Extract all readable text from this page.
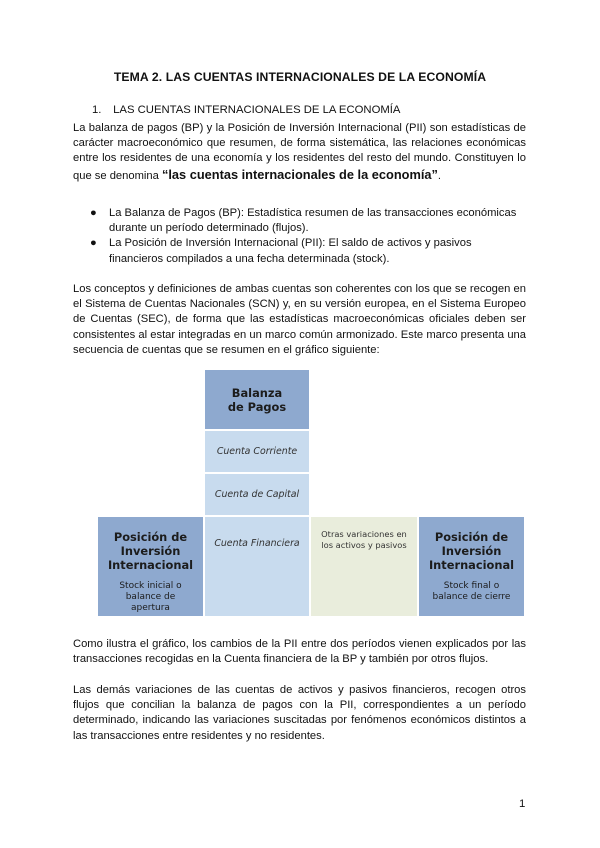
TEMA 2. LAS CUENTAS INTERNACIONALES DE LA ECONOMÍA
1. LAS CUENTAS INTERNACIONALES DE LA ECONOMÍA

La balanza de pagos (BP) y la Posición de Inversión Internacional (PII) son estadísticas de carácter macroeconómico que resumen, de forma sistemática, las relaciones económicas entre los residentes de una economía y los residentes del resto del mundo. Constituyen lo que se denomina “las cuentas internacionales de la economía”.

● La Balanza de Pagos (BP): Estadística resumen de las transacciones económicas durante un período determinado (flujos).
● La Posición de Inversión Internacional (PII): El saldo de activos y pasivos financieros compilados a una fecha determinada (stock).

Los conceptos y definiciones de ambas cuentas son coherentes con los que se recogen en el Sistema de Cuentas Nacionales (SCN) y, en su versión europea, en el Sistema Europeo de Cuentas (SEC), de forma que las estadísticas macroeconómicas oficiales deben ser consistentes al estar integradas en un marco común armonizado. Este marco presenta una secuencia de cuentas que se resumen en el gráfico siguiente:

Balanza de Pagos
Cuenta Corriente
Cuenta de Capital
Cuenta Financiera
Posición de Inversión Internacional
Stock inicial o balance de apertura
Otras variaciones en los activos y pasivos
Posición de Inversión Internacional
Stock final o balance de cierre

Como ilustra el gráfico, los cambios de la PII entre dos períodos vienen explicados por las transacciones recogidas en la Cuenta financiera de la BP y también por otros flujos.

Las demás variaciones de las cuentas de activos y pasivos financieros, recogen otros flujos que concilian la balanza de pagos con la PII, correspondientes a un período determinado, indicando las variaciones suscitadas por fenómenos económicos distintos a las transacciones entre residentes y no residentes.

1
